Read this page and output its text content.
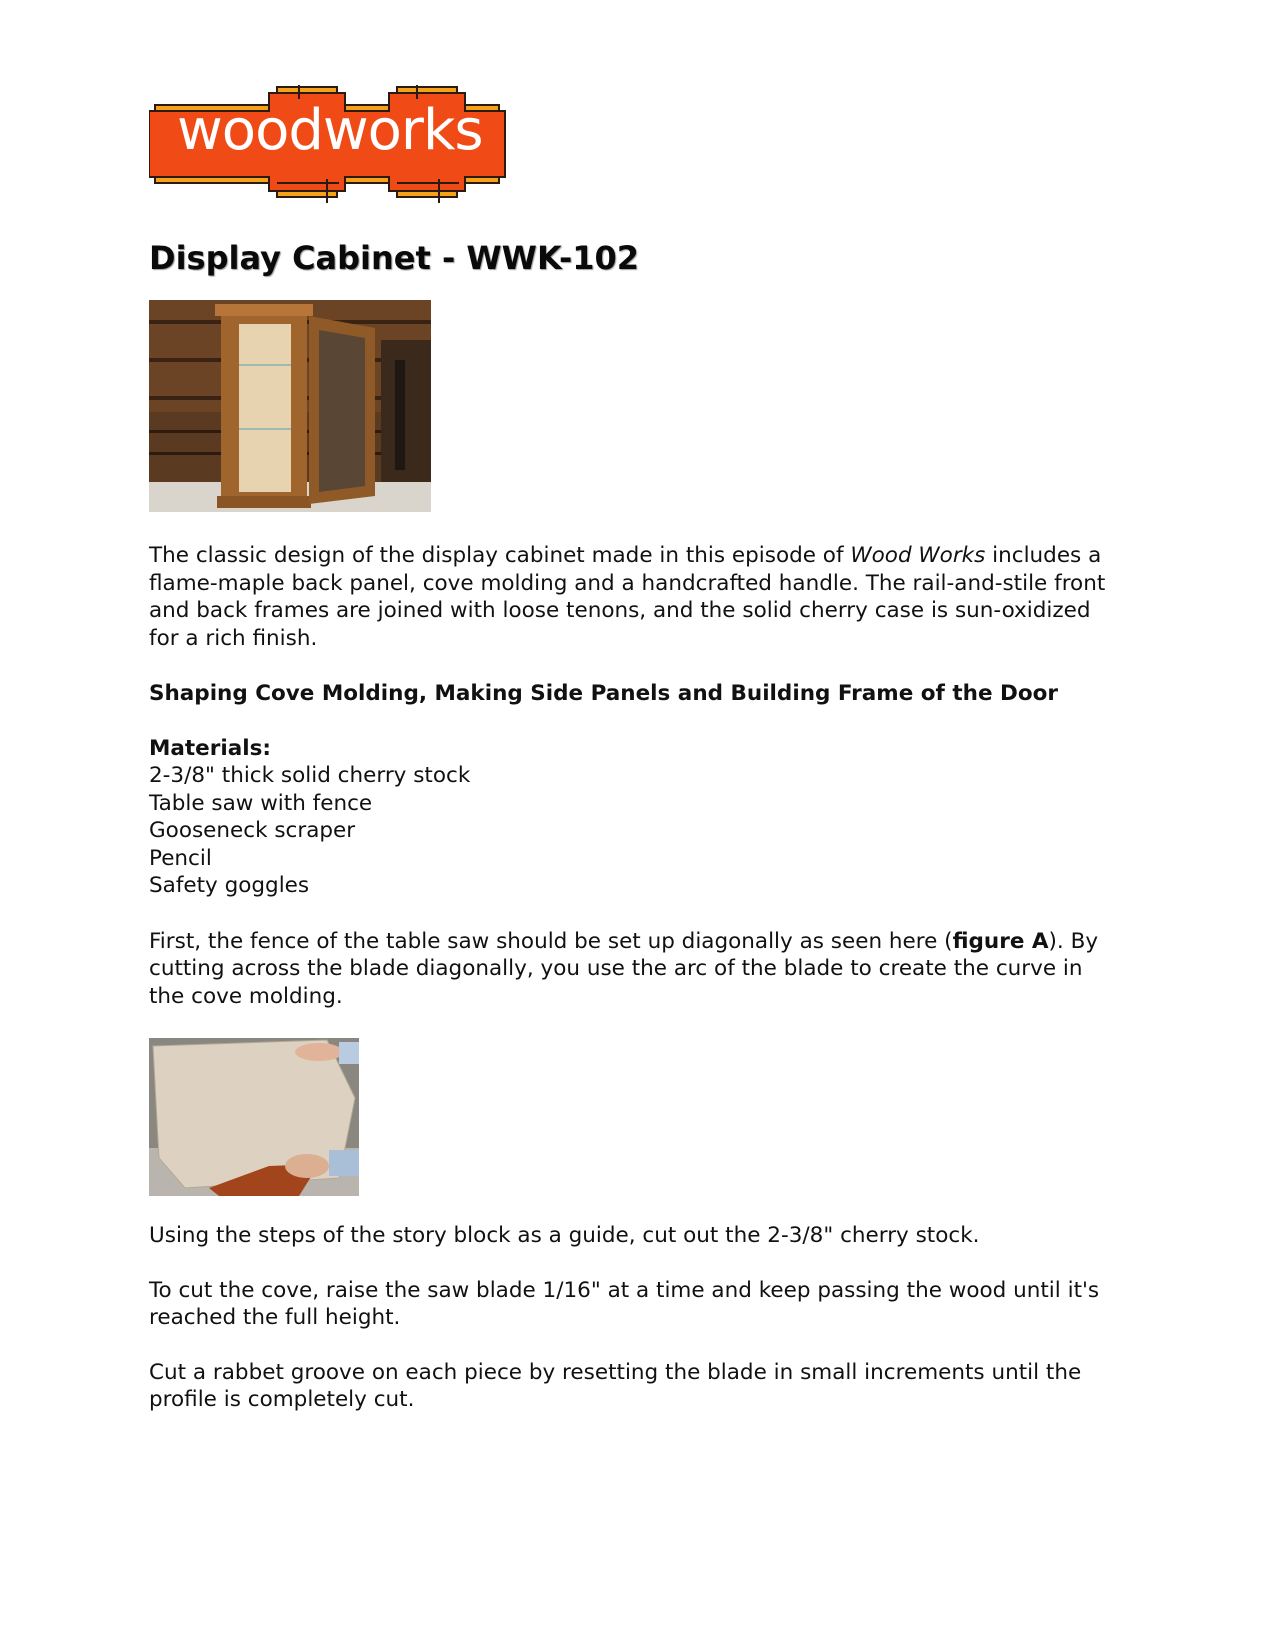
woodworks
Display Cabinet - WWK-102

The classic design of the display cabinet made in this episode of Wood Works includes a flame-maple back panel, cove molding and a handcrafted handle. The rail-and-stile front and back frames are joined with loose tenons, and the solid cherry case is sun-oxidized for a rich finish.

Shaping Cove Molding, Making Side Panels and Building Frame of the Door

Materials:

2-3/8" thick solid cherry stock
Table saw with fence
Gooseneck scraper
Pencil
Safety goggles

First, the fence of the table saw should be set up diagonally as seen here (figure A). By cutting across the blade diagonally, you use the arc of the blade to create the curve in the cove molding.

Using the steps of the story block as a guide, cut out the 2-3/8" cherry stock.

To cut the cove, raise the saw blade 1/16" at a time and keep passing the wood until it's reached the full height.

Cut a rabbet groove on each piece by resetting the blade in small increments until the profile is completely cut.
